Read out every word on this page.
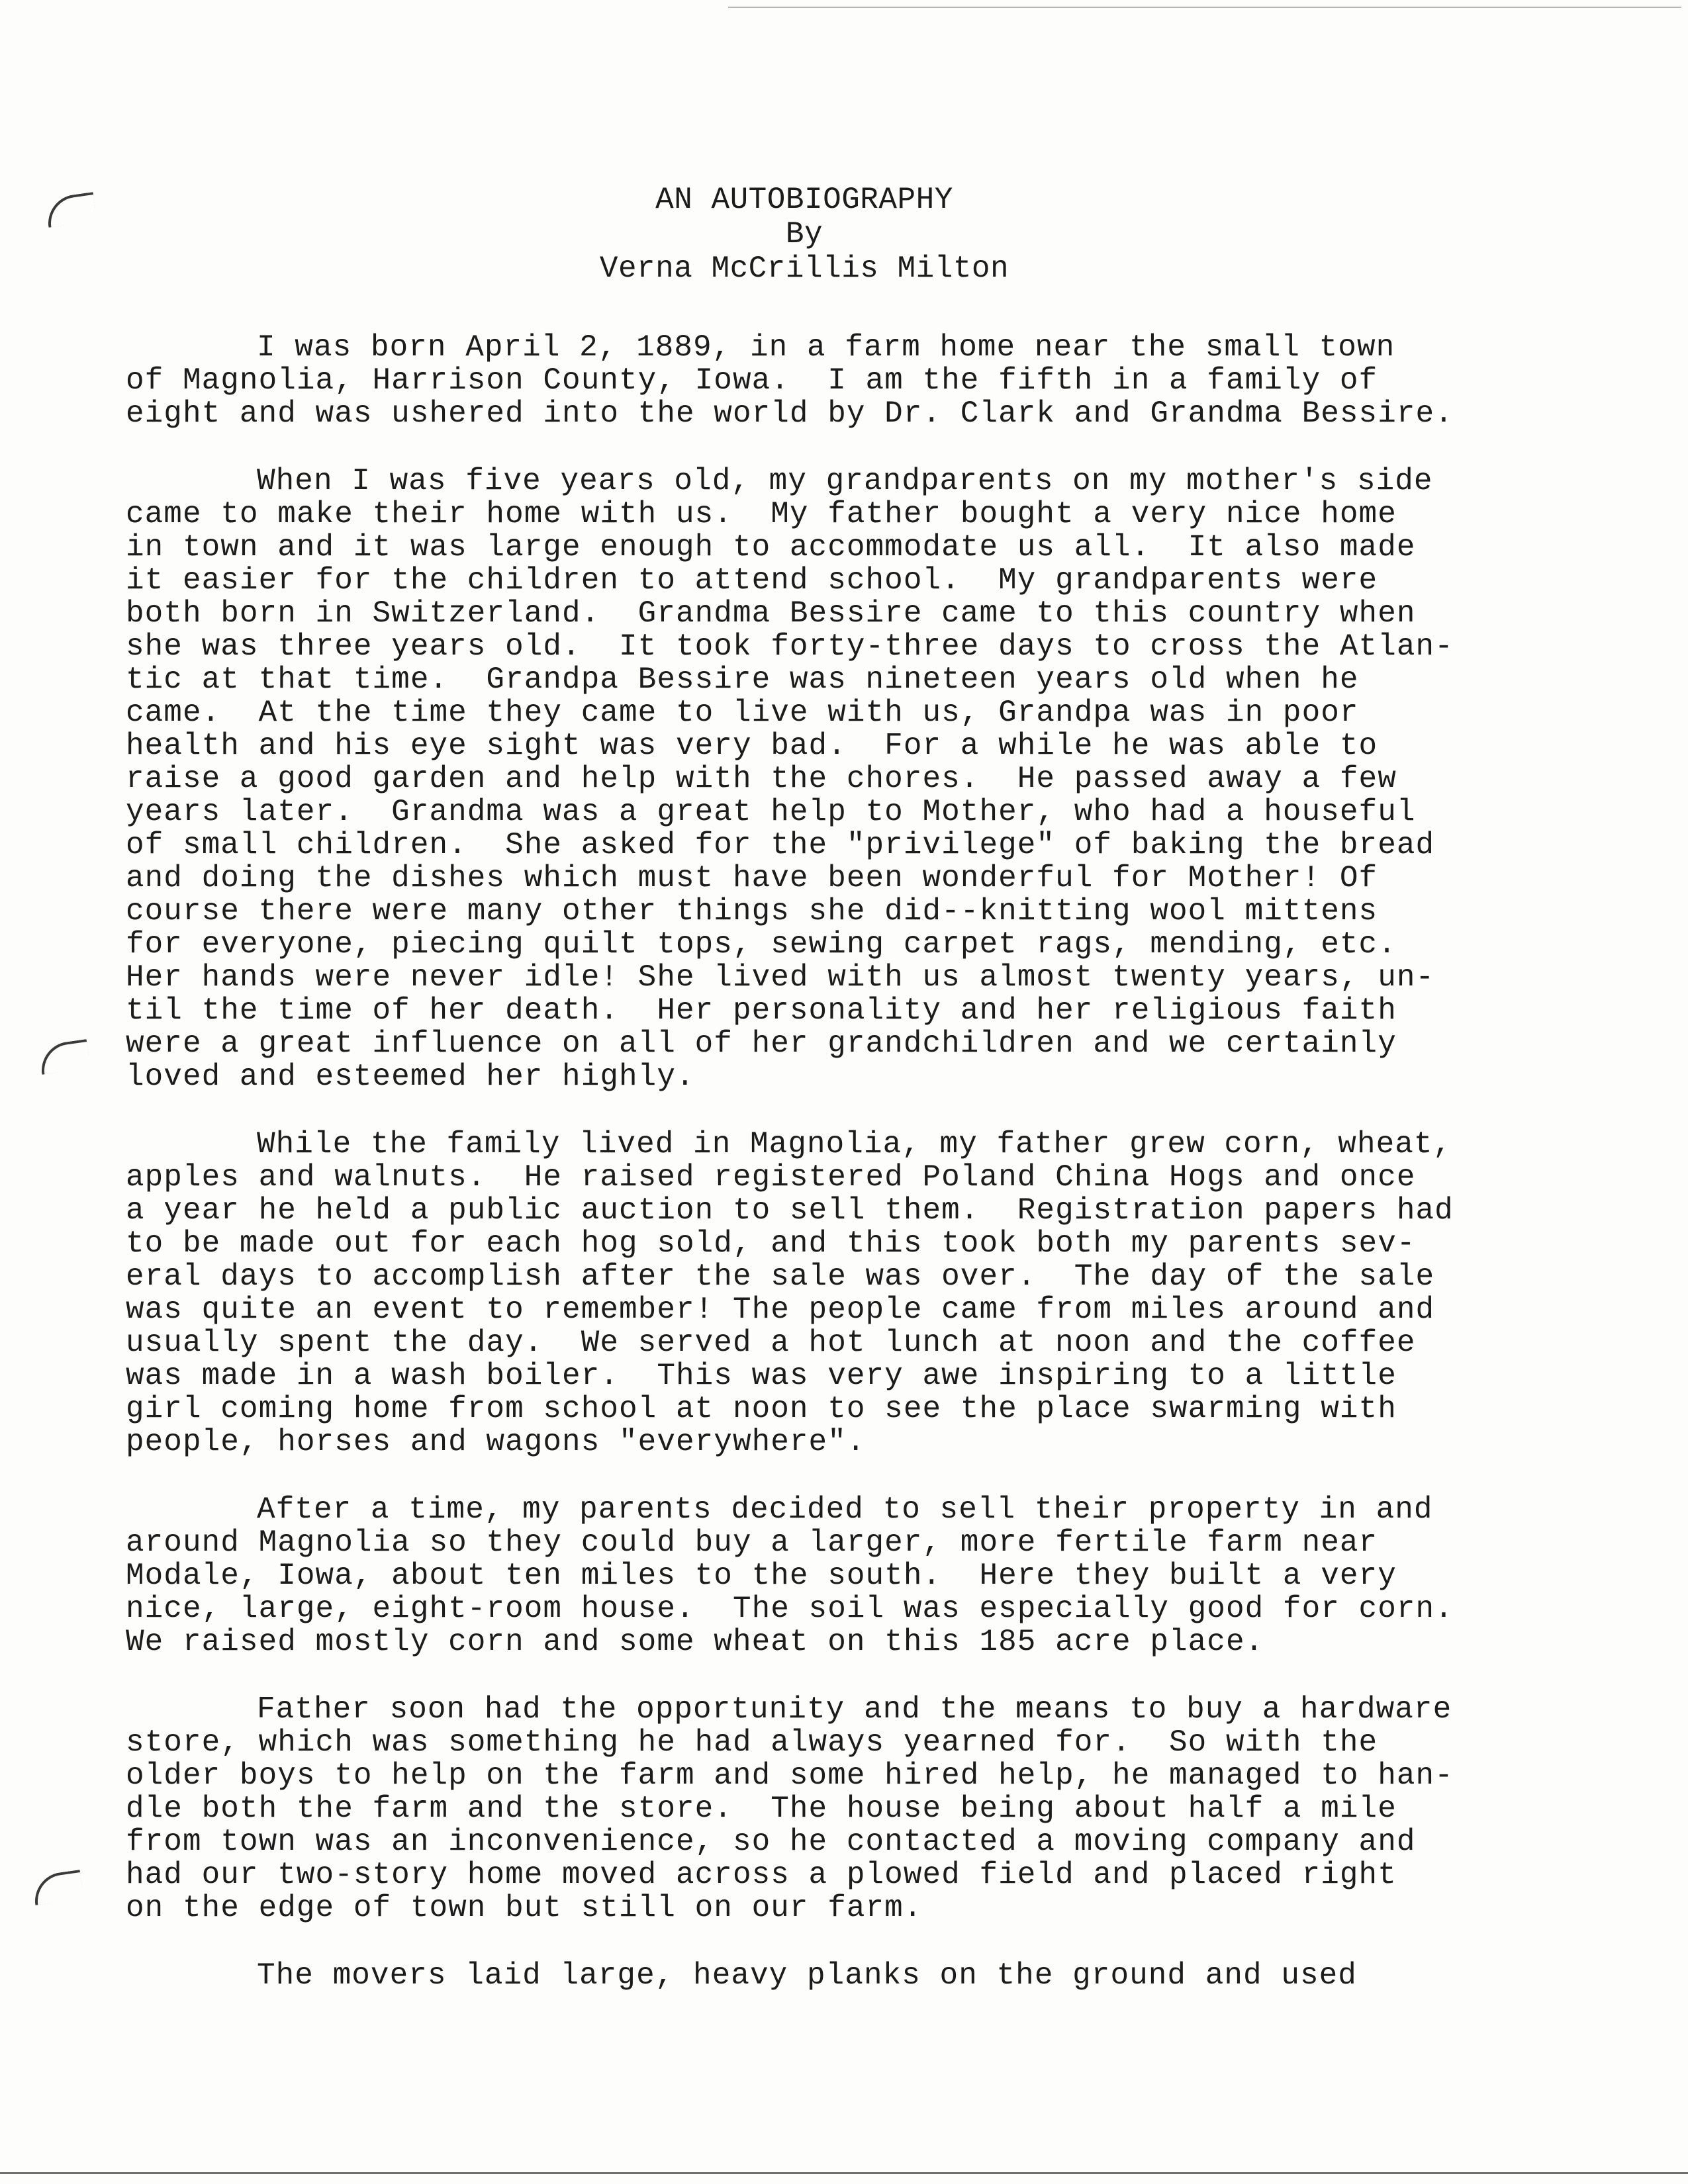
AN AUTOBIOGRAPHY
By
Verna McCrillis Milton
I was born April 2, 1889, in a farm home near the small town
of Magnolia, Harrison County, Iowa.  I am the fifth in a family of
eight and was ushered into the world by Dr. Clark and Grandma Bessire.
When I was five years old, my grandparents on my mother's side
came to make their home with us.  My father bought a very nice home
in town and it was large enough to accommodate us all.  It also made
it easier for the children to attend school.  My grandparents were
both born in Switzerland.  Grandma Bessire came to this country when
she was three years old.  It took forty-three days to cross the Atlan-
tic at that time.  Grandpa Bessire was nineteen years old when he
came.  At the time they came to live with us, Grandpa was in poor
health and his eye sight was very bad.  For a while he was able to
raise a good garden and help with the chores.  He passed away a few
years later.  Grandma was a great help to Mother, who had a houseful
of small children.  She asked for the "privilege" of baking the bread
and doing the dishes which must have been wonderful for Mother! Of
course there were many other things she did--knitting wool mittens
for everyone, piecing quilt tops, sewing carpet rags, mending, etc.
Her hands were never idle! She lived with us almost twenty years, un-
til the time of her death.  Her personality and her religious faith
were a great influence on all of her grandchildren and we certainly
loved and esteemed her highly.
While the family lived in Magnolia, my father grew corn, wheat,
apples and walnuts.  He raised registered Poland China Hogs and once
a year he held a public auction to sell them.  Registration papers had
to be made out for each hog sold, and this took both my parents sev-
eral days to accomplish after the sale was over.  The day of the sale
was quite an event to remember! The people came from miles around and
usually spent the day.  We served a hot lunch at noon and the coffee
was made in a wash boiler.  This was very awe inspiring to a little
girl coming home from school at noon to see the place swarming with
people, horses and wagons "everywhere".
After a time, my parents decided to sell their property in and
around Magnolia so they could buy a larger, more fertile farm near
Modale, Iowa, about ten miles to the south.  Here they built a very
nice, large, eight-room house.  The soil was especially good for corn.
We raised mostly corn and some wheat on this 185 acre place.
Father soon had the opportunity and the means to buy a hardware
store, which was something he had always yearned for.  So with the
older boys to help on the farm and some hired help, he managed to han-
dle both the farm and the store.  The house being about half a mile
from town was an inconvenience, so he contacted a moving company and
had our two-story home moved across a plowed field and placed right
on the edge of town but still on our farm.
The movers laid large, heavy planks on the ground and used
